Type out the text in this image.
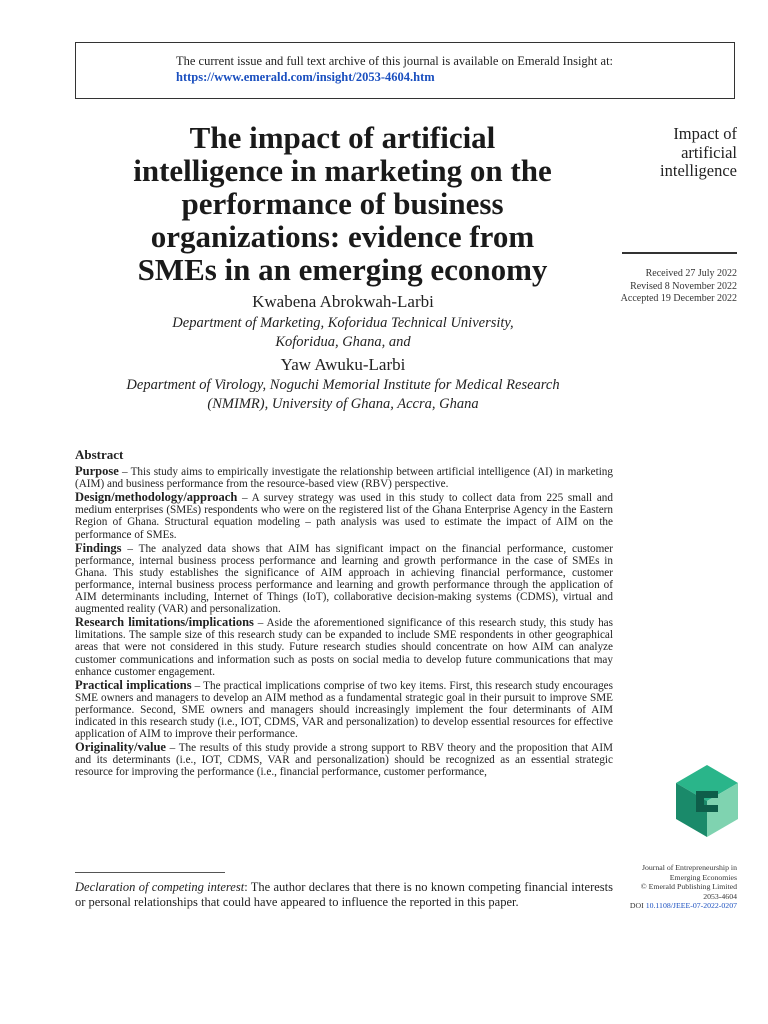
The current issue and full text archive of this journal is available on Emerald Insight at:
https://www.emerald.com/insight/2053-4604.htm
The impact of artificial
intelligence in marketing on the
performance of business
organizations: evidence from
SMEs in an emerging economy
Impact of
artificial
intelligence
Received 27 July 2022
Revised 8 November 2022
Accepted 19 December 2022
Kwabena Abrokwah-Larbi
Department of Marketing, Koforidua Technical University,
Koforidua, Ghana, and
Yaw Awuku-Larbi
Department of Virology, Noguchi Memorial Institute for Medical Research
(NMIMR), University of Ghana, Accra, Ghana
Abstract
Purpose – This study aims to empirically investigate the relationship between artificial intelligence (AI) in marketing (AIM) and business performance from the resource-based view (RBV) perspective.
Design/methodology/approach – A survey strategy was used in this study to collect data from 225 small and medium enterprises (SMEs) respondents who were on the registered list of the Ghana Enterprise Agency in the Eastern Region of Ghana. Structural equation modeling – path analysis was used to estimate the impact of AIM on the performance of SMEs.
Findings – The analyzed data shows that AIM has significant impact on the financial performance, customer performance, internal business process performance and learning and growth performance in the case of SMEs in Ghana. This study establishes the significance of AIM approach in achieving financial performance, customer performance, internal business process performance and learning and growth performance through the application of AIM determinants including, Internet of Things (IoT), collaborative decision-making systems (CDMS), virtual and augmented reality (VAR) and personalization.
Research limitations/implications – Aside the aforementioned significance of this research study, this study has limitations. The sample size of this research study can be expanded to include SME respondents in other geographical areas that were not considered in this study. Future research studies should concentrate on how AIM can analyze customer communications and information such as posts on social media to develop future communications that may enhance customer engagement.
Practical implications – The practical implications comprise of two key items. First, this research study encourages SME owners and managers to develop an AIM method as a fundamental strategic goal in their pursuit to improve SME performance. Second, SME owners and managers should increasingly implement the four determinants of AIM indicated in this research study (i.e., IOT, CDMS, VAR and personalization) to develop essential resources for effective application of AIM to improve their performance.
Originality/value – The results of this study provide a strong support to RBV theory and the proposition that AIM and its determinants (i.e., IOT, CDMS, VAR and personalization) should be recognized as an essential strategic resource for improving the performance (i.e., financial performance, customer performance,
Journal of Entrepreneurship in
Emerging Economies
© Emerald Publishing Limited
2053-4604
DOI 10.1108/JEEE-07-2022-0207
Declaration of competing interest: The author declares that there is no known competing financial interests or personal relationships that could have appeared to influence the reported in this paper.
